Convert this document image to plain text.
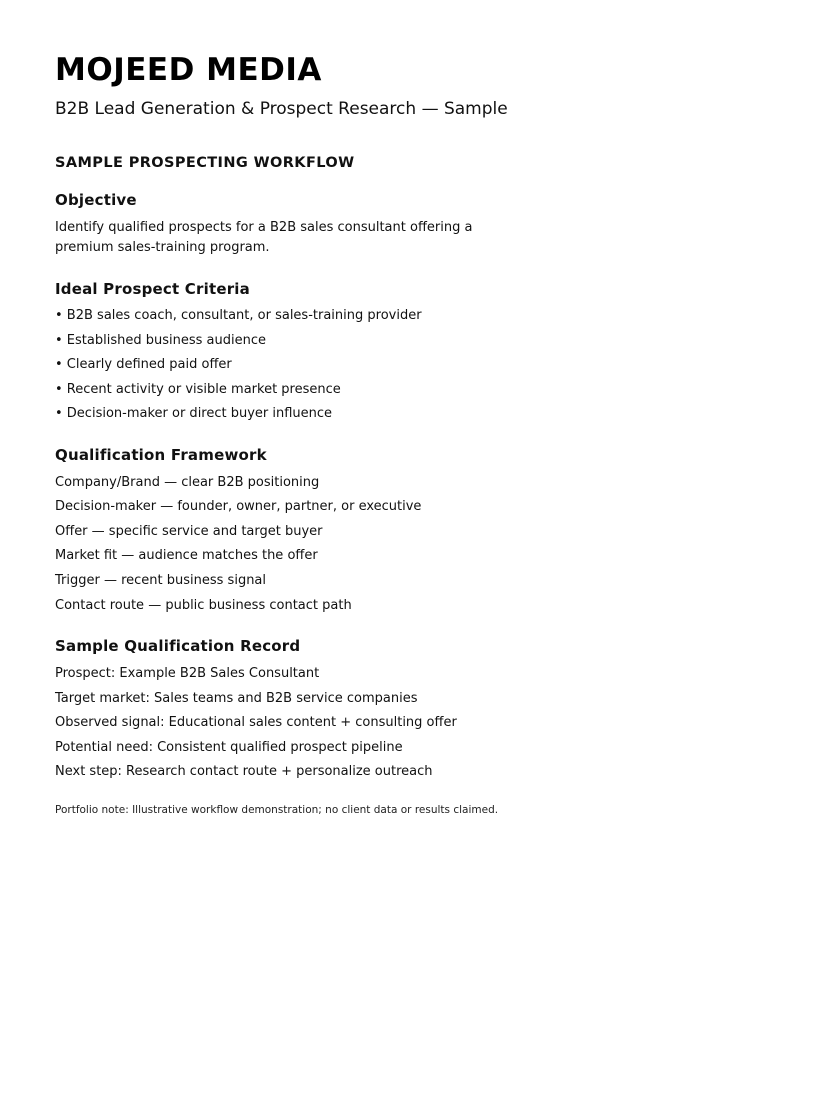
MOJEED MEDIA

B2B Lead Generation & Prospect Research — Sample

SAMPLE PROSPECTING WORKFLOW
Objective

Identify qualified prospects for a B2B sales consultant offering a

premium sales-training program.

Ideal Prospect Criteria

• B2B sales coach, consultant, or sales-training provider

• Established business audience

• Clearly defined paid offer

• Recent activity or visible market presence

• Decision-maker or direct buyer influence

Qualification Framework

Company/Brand — clear B2B positioning

Decision-maker — founder, owner, partner, or executive

Offer — specific service and target buyer

Market fit — audience matches the offer

Trigger — recent business signal

Contact route — public business contact path

Sample Qualification Record

Prospect: Example B2B Sales Consultant

Target market: Sales teams and B2B service companies

Observed signal: Educational sales content + consulting offer

Potential need: Consistent qualified prospect pipeline

Next step: Research contact route + personalize outreach

Portfolio note: Illustrative workflow demonstration; no client data or results claimed.
